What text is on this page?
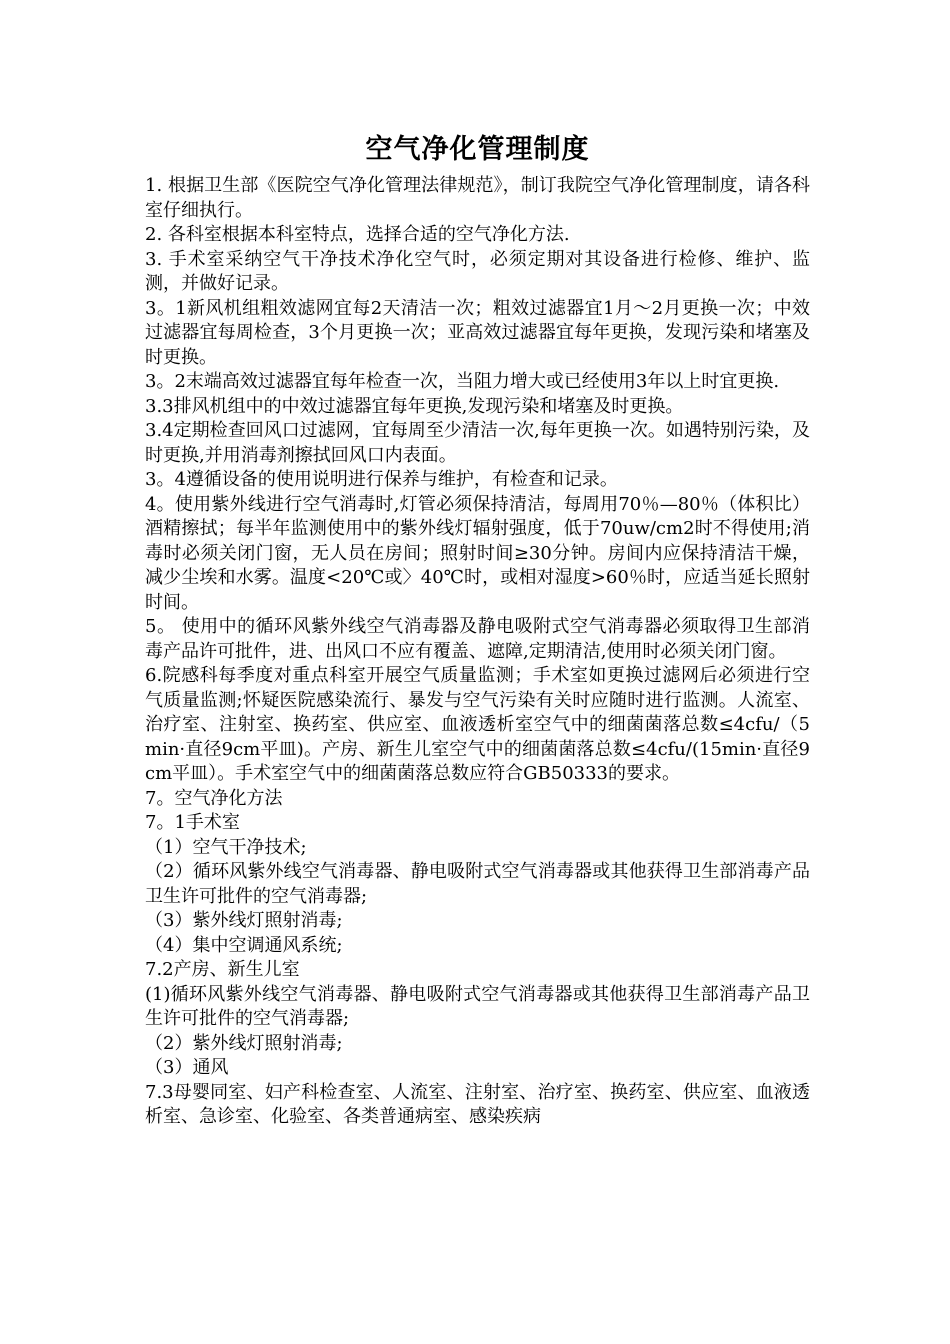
空气净化管理制度

1. 根据卫生部《医院空气净化管理法律规范》，制订我院空气净化管理制度，请各科室仔细执行。

2. 各科室根据本科室特点，选择合适的空气净化方法.

3. 手术室采纳空气干净技术净化空气时，必须定期对其设备进行检修、维护、监测，并做好记录。

3。1新风机组粗效滤网宜每2天清洁一次；粗效过滤器宜1月～2月更换一次；中效过滤器宜每周检查，3个月更换一次；亚高效过滤器宜每年更换，发现污染和堵塞及时更换。

3。2末端高效过滤器宜每年检查一次，当阻力增大或已经使用3年以上时宜更换.

3.3排风机组中的中效过滤器宜每年更换,发现污染和堵塞及时更换。

3.4定期检查回风口过滤网，宜每周至少清洁一次,每年更换一次。如遇特别污染，及时更换,并用消毒剂擦拭回风口内表面。

3。4遵循设备的使用说明进行保养与维护，有检查和记录。

4。使用紫外线进行空气消毒时,灯管必须保持清洁，每周用70％—80％（体积比）酒精擦拭；每半年监测使用中的紫外线灯辐射强度，低于70uw/cm2时不得使用;消毒时必须关闭门窗，无人员在房间；照射时间≥30分钟。房间内应保持清洁干燥，减少尘埃和水雾。温度<20℃或〉40℃时，或相对湿度>60％时，应适当延长照射时间。

5。 使用中的循环风紫外线空气消毒器及静电吸附式空气消毒器必须取得卫生部消毒产品许可批件，进、出风口不应有覆盖、遮障,定期清洁,使用时必须关闭门窗。

6.院感科每季度对重点科室开展空气质量监测；手术室如更换过滤网后必须进行空气质量监测;怀疑医院感染流行、暴发与空气污染有关时应随时进行监测。人流室、治疗室、注射室、换药室、供应室、血液透析室空气中的细菌菌落总数≤4cfu/（5min·直径9cm平皿)。产房、新生儿室空气中的细菌菌落总数≤4cfu/(15min·直径9cm平皿）。手术室空气中的细菌菌落总数应符合GB50333的要求。

7。空气净化方法

7。1手术室

（1）空气干净技术;

（2）循环风紫外线空气消毒器、静电吸附式空气消毒器或其他获得卫生部消毒产品卫生许可批件的空气消毒器;

（3）紫外线灯照射消毒;

（4）集中空调通风系统;

7.2产房、新生儿室

(1)循环风紫外线空气消毒器、静电吸附式空气消毒器或其他获得卫生部消毒产品卫生许可批件的空气消毒器;

（2）紫外线灯照射消毒;

（3）通风

7.3母婴同室、妇产科检查室、人流室、注射室、治疗室、换药室、供应室、血液透析室、急诊室、化验室、各类普通病室、感染疾病
